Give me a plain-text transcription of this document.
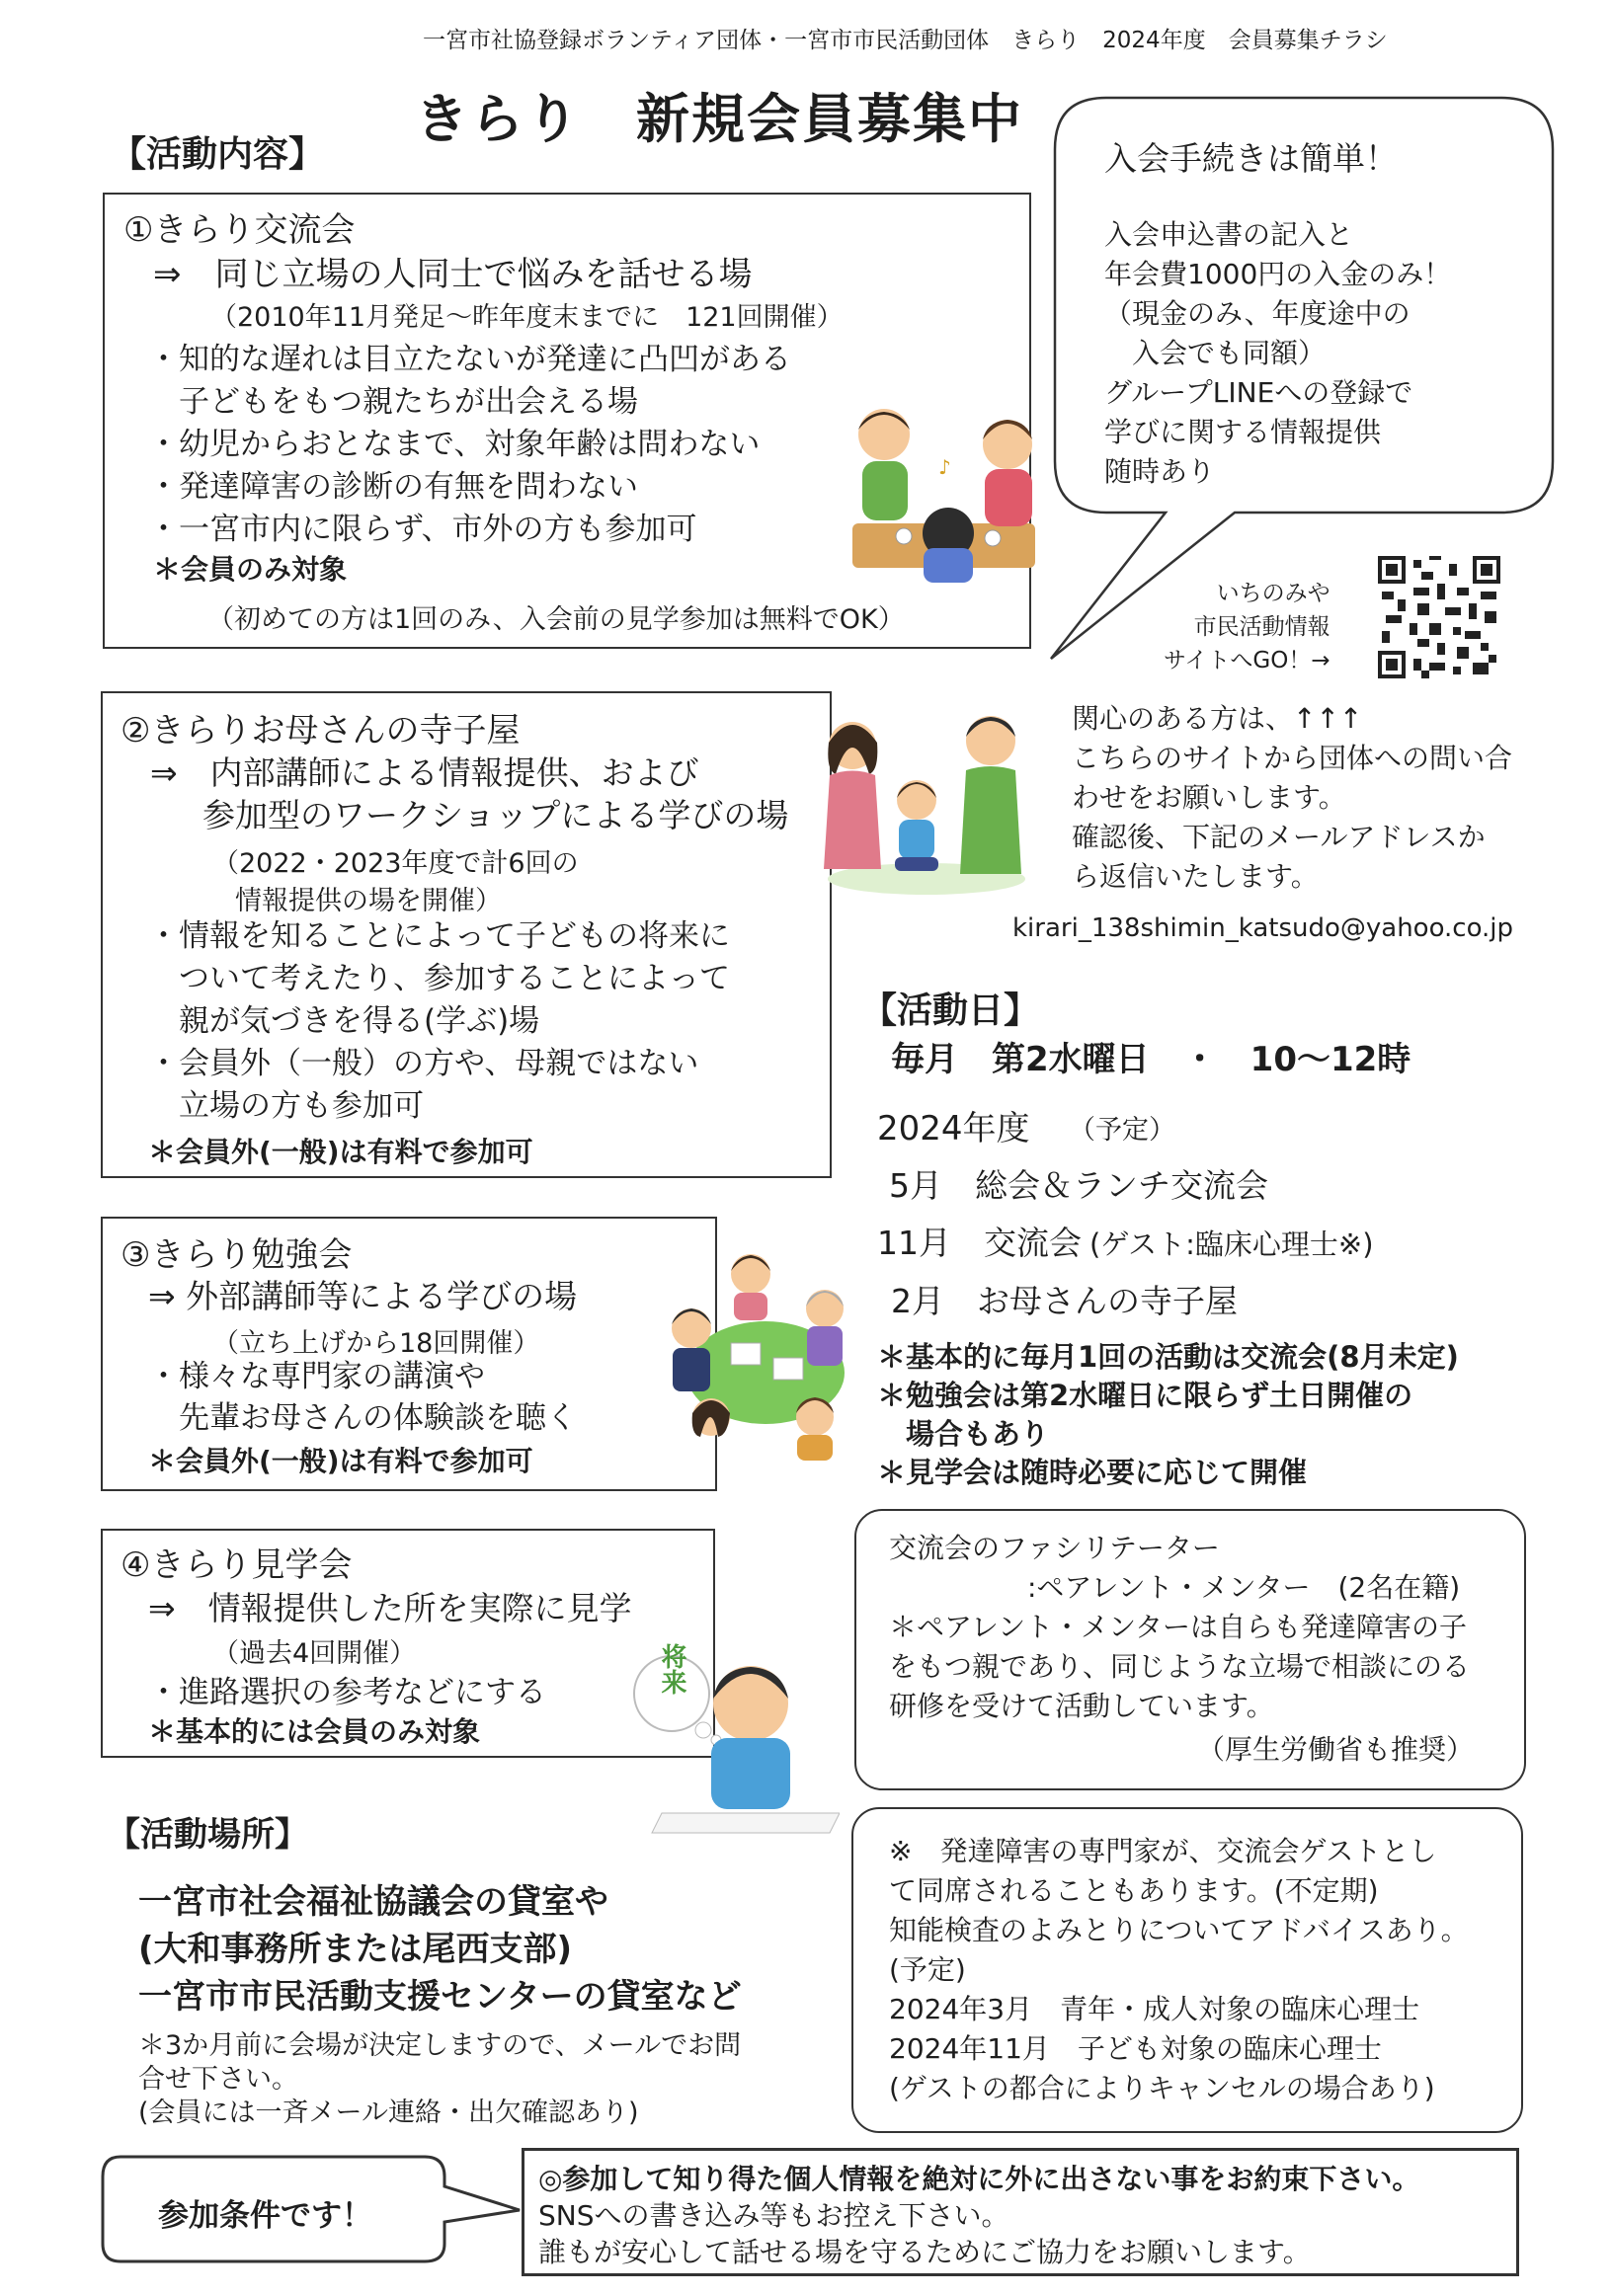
一宮市社協登録ボランティア団体・一宮市市民活動団体　きらり　2024年度　会員募集チラシ
きらり　新規会員募集中
【活動内容】	入会手続きは簡単！
入会申込書の記入と
年会費1000円の入金のみ！
（現金のみ、年度途中の
　入会でも同額）
グループLINEへの登録で
学びに関する情報提供
随時あり
いちのみや
市民活動情報
サイトへGO！→
関心のある方は、↑↑↑
こちらのサイトから団体への問い合
わせをお願いします。
確認後、下記のメールアドレスか
ら返信いたします。
kirari_138shimin_katsudo@yahoo.co.jp
①きらり交流会
⇒　同じ立場の人同士で悩みを話せる場
（2010年11月発足～昨年度末までに　121回開催）
・知的な遅れは目立たないが発達に凸凹がある
　子どもをもつ親たちが出会える場
・幼児からおとなまで、対象年齢は問わない
・発達障害の診断の有無を問わない
・一宮市内に限らず、市外の方も参加可
＊会員のみ対象
（初めての方は1回のみ、入会前の見学参加は無料でOK）
♪
②きらりお母さんの寺子屋
⇒　内部講師による情報提供、および
参加型のワークショップによる学びの場
（2022・2023年度で計6回の
情報提供の場を開催）
・情報を知ることによって子どもの将来に
　ついて考えたり、参加することによって
　親が気づきを得る(学ぶ)場
・会員外（一般）の方や、母親ではない
　立場の方も参加可
＊会員外(一般)は有料で参加可
③きらり勉強会
⇒ 外部講師等による学びの場
（立ち上げから18回開催）
・様々な専門家の講演や
　先輩お母さんの体験談を聴く
＊会員外(一般)は有料で参加可
④きらり見学会
⇒　情報提供した所を実際に見学
（過去4回開催）
・進路選択の参考などにする
＊基本的には会員のみ対象
将来
【活動場所】
一宮市社会福祉協議会の貸室や
(大和事務所または尾西支部)
一宮市市民活動支援センターの貸室など
＊3か月前に会場が決定しますので、メールでお問
合せ下さい。
(会員には一斉メール連絡・出欠確認あり)
【活動日】
毎月　第2水曜日　・　10～12時
2024年度 （予定）
5月　総会＆ランチ交流会
11月　交流会 (ゲスト:臨床心理士※)
2月　お母さんの寺子屋
＊基本的に毎月1回の活動は交流会(8月未定)
＊勉強会は第2水曜日に限らず土日開催の
　場合もあり
＊見学会は随時必要に応じて開催
交流会のファシリテーター
　　　　　:ペアレント・メンター　(2名在籍)
＊ペアレント・メンターは自らも発達障害の子
をもつ親であり、同じような立場で相談にのる
研修を受けて活動しています。
（厚生労働省も推奨）
※　発達障害の専門家が、交流会ゲストとし
て同席されることもあります。(不定期)
知能検査のよみとりについてアドバイスあり。
(予定)
2024年3月　青年・成人対象の臨床心理士
2024年11月　子ども対象の臨床心理士
(ゲストの都合によりキャンセルの場合あり)
参加条件です！
◎参加して知り得た個人情報を絶対に外に出さない事をお約束下さい。
SNSへの書き込み等もお控え下さい。
誰もが安心して話せる場を守るためにご協力をお願いします。
